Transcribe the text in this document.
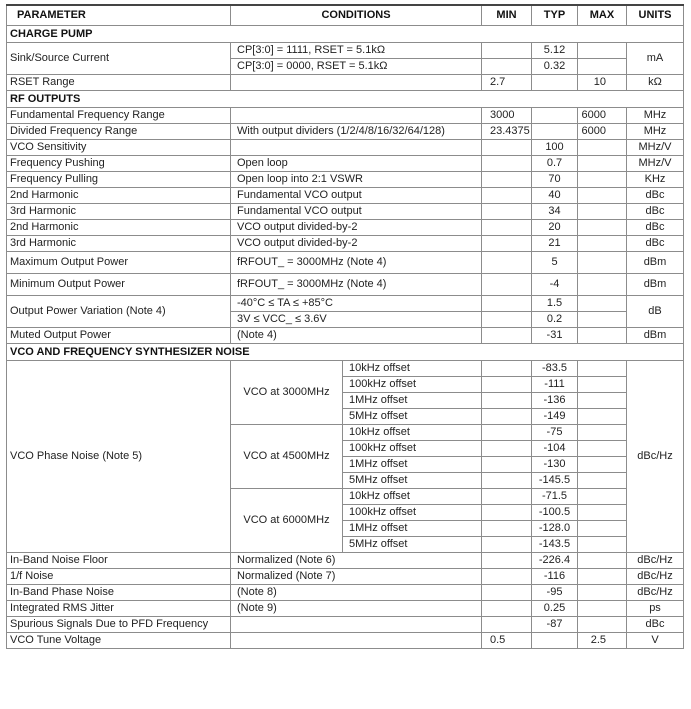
PARAMETER	CONDITIONS		MIN	TYP	MAX	UNITS
CHARGE PUMP						
Sink/Source Current	CP[3:0] = 1111, RSET = 5.1kΩ			5.12		mA
	CP[3:0] = 0000, RSET = 5.1kΩ			0.32		
RSET Range			2.7		10	kΩ
RF OUTPUTS						
Fundamental Frequency Range			3000		6000	MHz
Divided Frequency Range	With output dividers (1/2/4/8/16/32/64/128)		23.4375		6000	MHz
VCO Sensitivity				100		MHz/V
Frequency Pushing	Open loop			0.7		MHz/V
Frequency Pulling	Open loop into 2:1 VSWR			70		KHz
2nd Harmonic	Fundamental VCO output			40		dBc
3rd Harmonic	Fundamental VCO output			34		dBc
2nd Harmonic	VCO output divided-by-2			20		dBc
3rd Harmonic	VCO output divided-by-2			21		dBc
Maximum Output Power	fRFOUT_ = 3000MHz (Note 4)			5		dBm
Minimum Output Power	fRFOUT_ = 3000MHz (Note 4)			-4		dBm
Output Power Variation (Note 4)	-40°C ≤ TA ≤ +85°C			1.5		dB
	3V ≤ VCC_ ≤ 3.6V			0.2		
Muted Output Power	(Note 4)			-31		dBm
VCO AND FREQUENCY SYNTHESIZER NOISE						
VCO Phase Noise (Note 5)	VCO at 3000MHz	10kHz offset		-83.5		dBc/Hz
		100kHz offset		-111		
		1MHz offset		-136		
		5MHz offset		-149		
	VCO at 4500MHz	10kHz offset		-75		
		100kHz offset		-104		
		1MHz offset		-130		
		5MHz offset		-145.5		
	VCO at 6000MHz	10kHz offset		-71.5		
		100kHz offset		-100.5		
		1MHz offset		-128.0		
		5MHz offset		-143.5		
In-Band Noise Floor	Normalized (Note 6)			-226.4		dBc/Hz
1/f Noise	Normalized (Note 7)			-116		dBc/Hz
In-Band Phase Noise	(Note 8)			-95		dBc/Hz
Integrated RMS Jitter	(Note 9)			0.25		ps
Spurious Signals Due to PFD Frequency				-87		dBc
VCO Tune Voltage			0.5		2.5	V
